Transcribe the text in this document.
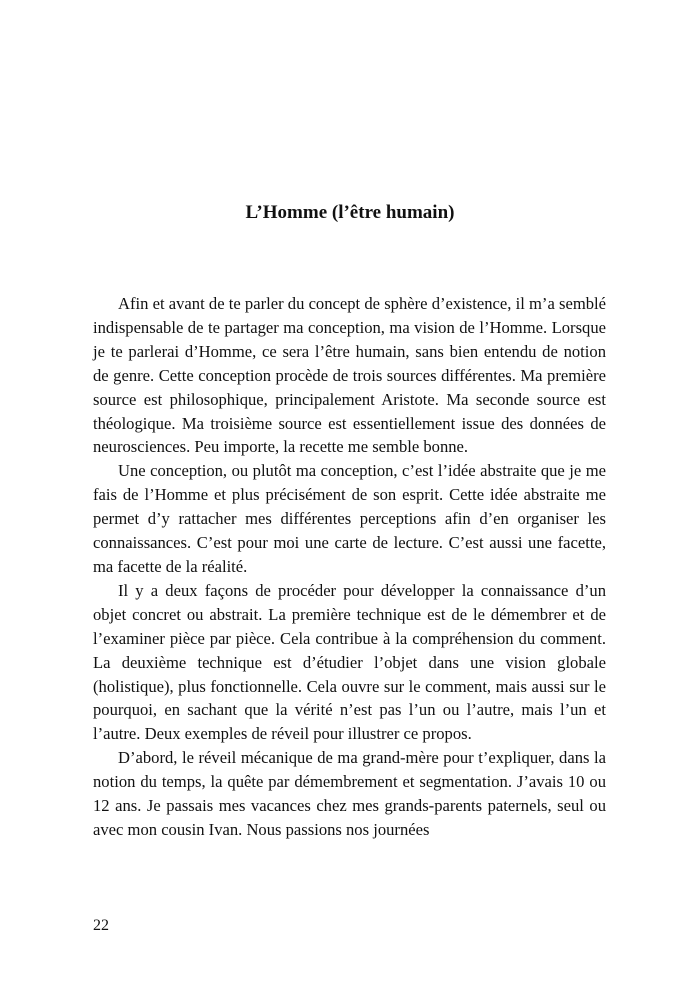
L’Homme (l’être humain)

Afin et avant de te parler du concept de sphère d’existence, il m’a semblé indispensable de te partager ma conception, ma vision de l’Homme. Lorsque je te parlerai d’Homme, ce sera l’être humain, sans bien entendu de notion de genre. Cette conception procède de trois sources différentes. Ma première source est philosophique, principalement Aristote. Ma seconde source est théologique. Ma troisième source est essentiellement issue des données de neurosciences. Peu importe, la recette me semble bonne.

Une conception, ou plutôt ma conception, c’est l’idée abstraite que je me fais de l’Homme et plus précisément de son esprit. Cette idée abstraite me permet d’y rattacher mes différentes perceptions afin d’en organiser les connaissances. C’est pour moi une carte de lecture. C’est aussi une facette, ma facette de la réalité.

Il y a deux façons de procéder pour développer la connaissance d’un objet concret ou abstrait. La première technique est de le démembrer et de l’examiner pièce par pièce. Cela contribue à la compréhension du comment. La deuxième technique est d’étudier l’objet dans une vision globale (holistique), plus fonctionnelle. Cela ouvre sur le comment, mais aussi sur le pourquoi, en sachant que la vérité n’est pas l’un ou l’autre, mais l’un et l’autre. Deux exemples de réveil pour illustrer ce propos.

D’abord, le réveil mécanique de ma grand-mère pour t’expliquer, dans la notion du temps, la quête par démembrement et segmentation. J’avais 10 ou 12 ans. Je passais mes vacances chez mes grands-parents paternels, seul ou avec mon cousin Ivan. Nous passions nos journées

22
